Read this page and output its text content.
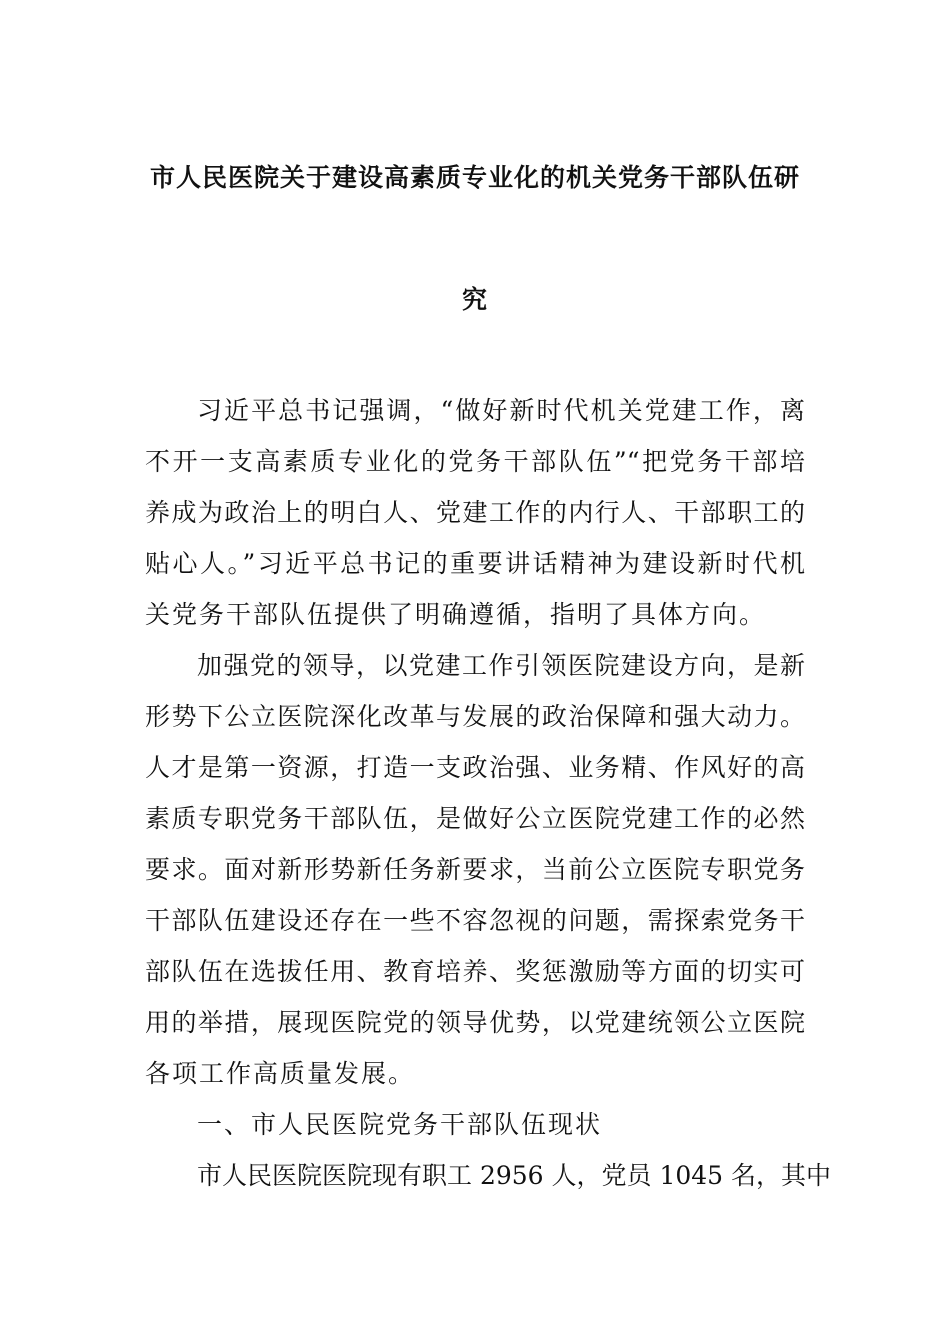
市人民医院关于建设高素质专业化的机关党务干部队伍研
究
习近平总书记强调，“做好新时代机关党建工作，离
不开一支高素质专业化的党务干部队伍”“把党务干部培
养成为政治上的明白人、党建工作的内行人、干部职工的
贴心人。”习近平总书记的重要讲话精神为建设新时代机
关党务干部队伍提供了明确遵循，指明了具体方向。
加强党的领导，以党建工作引领医院建设方向，是新
形势下公立医院深化改革与发展的政治保障和强大动力。
人才是第一资源，打造一支政治强、业务精、作风好的高
素质专职党务干部队伍，是做好公立医院党建工作的必然
要求。面对新形势新任务新要求，当前公立医院专职党务
干部队伍建设还存在一些不容忽视的问题，需探索党务干
部队伍在选拔任用、教育培养、奖惩激励等方面的切实可
用的举措，展现医院党的领导优势，以党建统领公立医院
各项工作高质量发展。
一、市人民医院党务干部队伍现状
市人民医院医院现有职工 2956 人，党员 1045 名，其中
